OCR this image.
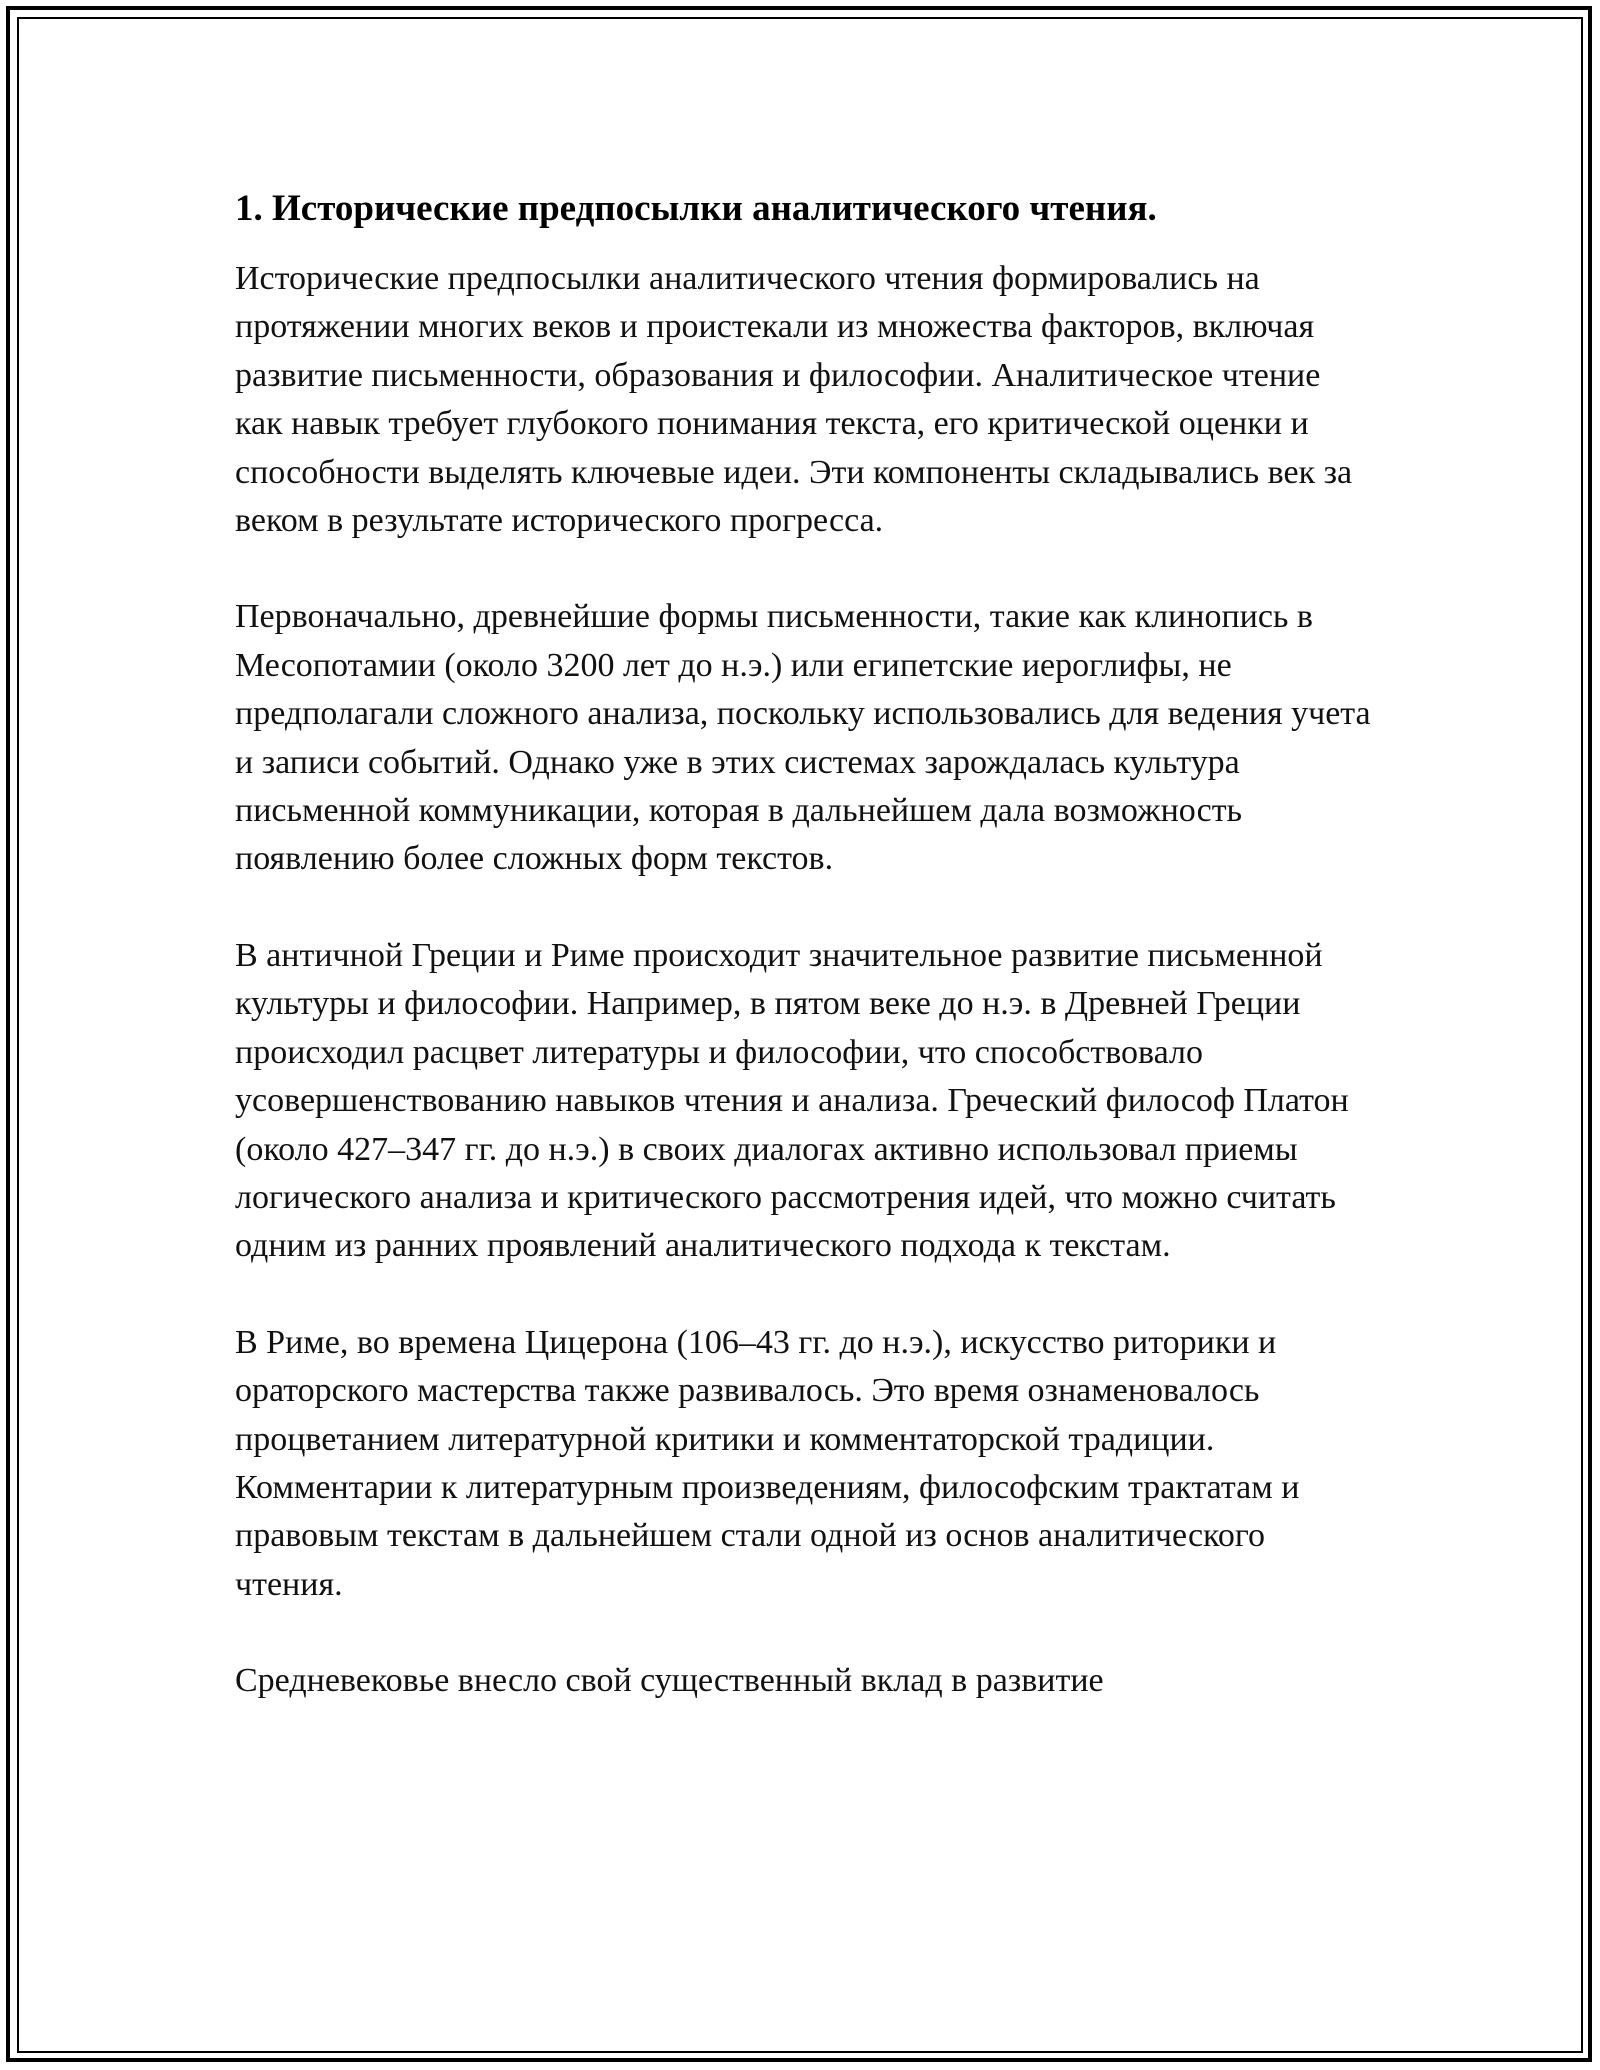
1. Исторические предпосылки аналитического чтения.

Исторические предпосылки аналитического чтения формировались на протяжении многих веков и проистекали из множества факторов, включая развитие письменности, образования и философии. Аналитическое чтение как навык требует глубокого понимания текста, его критической оценки и способности выделять ключевые идеи. Эти компоненты складывались век за веком в результате исторического прогресса.

Первоначально, древнейшие формы письменности, такие как клинопись в Месопотамии (около 3200 лет до н.э.) или египетские иероглифы, не предполагали сложного анализа, поскольку использовались для ведения учета и записи событий. Однако уже в этих системах зарождалась культура письменной коммуникации, которая в дальнейшем дала возможность появлению более сложных форм текстов.

В античной Греции и Риме происходит значительное развитие письменной культуры и философии. Например, в пятом веке до н.э. в Древней Греции происходил расцвет литературы и философии, что способствовало усовершенствованию навыков чтения и анализа. Греческий философ Платон (около 427–347 гг. до н.э.) в своих диалогах активно использовал приемы логического анализа и критического рассмотрения идей, что можно считать одним из ранних проявлений аналитического подхода к текстам.

В Риме, во времена Цицерона (106–43 гг. до н.э.), искусство риторики и ораторского мастерства также развивалось. Это время ознаменовалось процветанием литературной критики и комментаторской традиции. Комментарии к литературным произведениям, философским трактатам и правовым текстам в дальнейшем стали одной из основ аналитического чтения.

Средневековье внесло свой существенный вклад в развитие
